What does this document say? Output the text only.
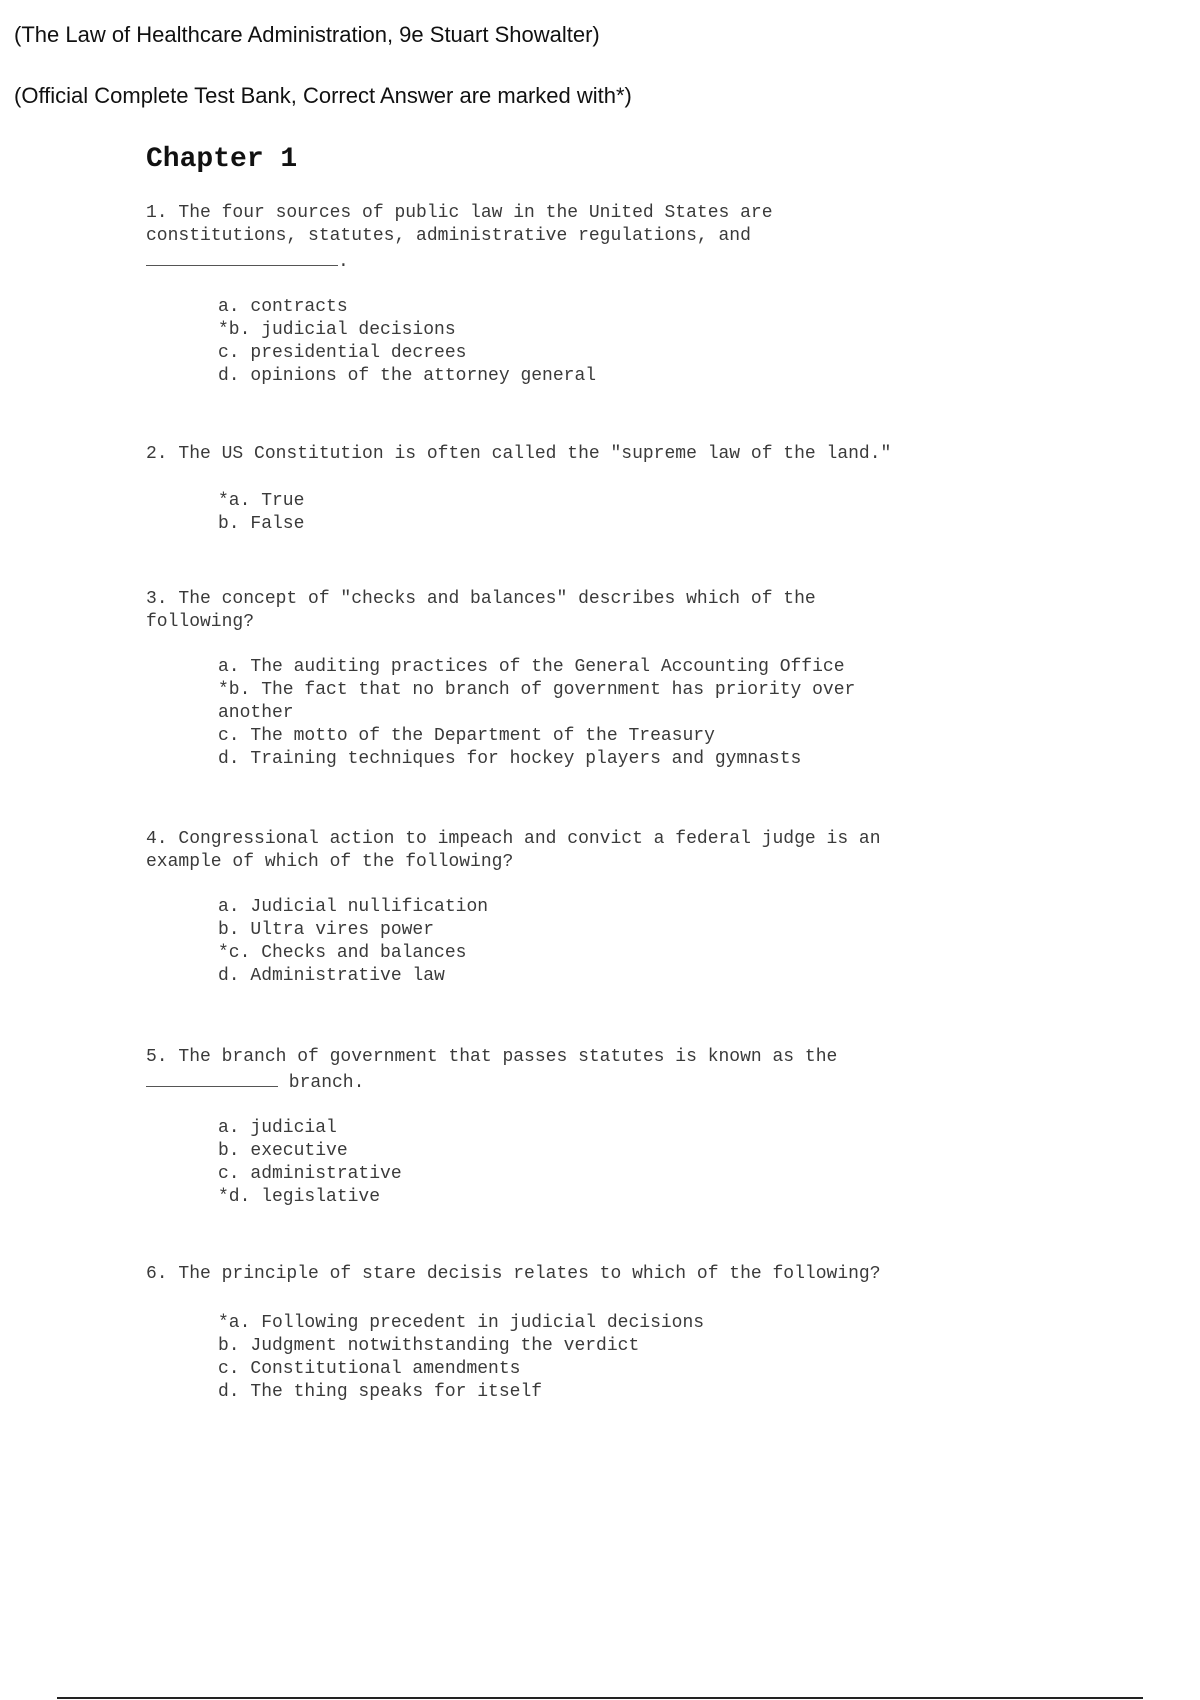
(The Law of Healthcare Administration, 9e Stuart Showalter)
(Official Complete Test Bank, Correct Answer are marked with*)
Chapter 1
1. The four sources of public law in the United States are
constitutions, statutes, administrative regulations, and
.
a. contracts
*b. judicial decisions
c. presidential decrees
d. opinions of the attorney general
2. The US Constitution is often called the "supreme law of the land."
*a. True
b. False
3. The concept of "checks and balances" describes which of the
following?
a. The auditing practices of the General Accounting Office
*b. The fact that no branch of government has priority over
another
c. The motto of the Department of the Treasury
d. Training techniques for hockey players and gymnasts
4. Congressional action to impeach and convict a federal judge is an
example of which of the following?
a. Judicial nullification
b. Ultra vires power
*c. Checks and balances
d. Administrative law
5. The branch of government that passes statutes is known as the
branch.
a. judicial
b. executive
c. administrative
*d. legislative
6. The principle of stare decisis relates to which of the following?
*a. Following precedent in judicial decisions
b. Judgment notwithstanding the verdict
c. Constitutional amendments
d. The thing speaks for itself
